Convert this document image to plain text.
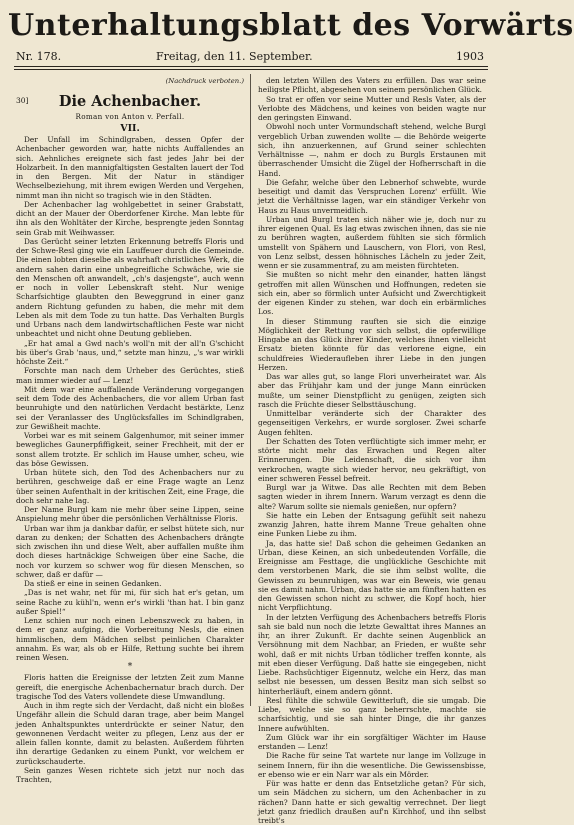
Unterhaltungsblatt des Vorwärts
Nr. 178.	Freitag, den 11. September.	1903
30]
(Nachdruck verboten.)
Die Achenbacher.
Roman von Anton v. Perfall.
VII.

Der Unfall im Schindlgraben, dessen Opfer der Achenbacher geworden war, hatte nichts Auffallendes an sich. Aehnliches ereignete sich fast jedes Jahr bei der Holzarbeit. In den mannigfaltigsten Gestalten lauert der Tod in den Bergen. Mit der Natur in ständiger Wechselbeziehung, mit ihrem ewigen Werden und Vergehen, nimmt man ihn nicht so tragisch wie in den Städten.

Der Achenbacher lag wohlgebettet in seiner Grabstatt, dicht an der Mauer der Oberdorfener Kirche. Man lebte für ihn als den Wohltäter der Kirche, besprengte jeden Sonntag sein Grab mit Weihwasser.

Das Gerücht seiner letzten Erkennung betreffs Floris und der Schwe-Resl ging wie ein Lauffeuer durch die Gemeinde. Die einen lobten dieselbe als wahrhaft christliches Werk, die andern sahen darin eine unbegreifliche Schwäche, wie sie den Menschen oft anwandelt, „ch's dasjengste“, auch wenn er noch in voller Lebenskraft steht. Nur wenige Scharfsichtige glaubten den Beweggrund in einer ganz andern Richtung gefunden zu haben, die mehr mit dem Leben als mit dem Tode zu tun hatte. Das Verhalten Burgls und Urbans nach dem landwirtschaftlichen Feste war nicht unbeachtet und nicht ohne Deutung geblieben.

„Er hat amal a Gwd nach's woll'n mit der all'n G'schicht bis über's Grab 'naus, und,“ setzte man hinzu, „'s war wirkli höchste Zeit.“

Forschte man nach dem Urheber des Gerüchtes, stieß man immer wieder auf — Lenz!

Mit dem war eine auffallende Veränderung vorgegangen seit dem Tode des Achenbachers, die vor allem Urban fast beunruhigte und den natürlichen Verdacht bestärkte, Lenz sei der Veranlasser des Unglücksfalles im Schindlgraben, zur Gewißheit machte.

Vorbei war es mit seinem Galgenhumor, mit seiner immer bewegliches Gaunerpfiffigkeit, seiner Frechheit, mit der er sonst allem trotzte. Er schlich im Hause umher, scheu, wie das böse Gewissen.

Urban hütete sich, den Tod des Achenbachers nur zu berühren, geschweige daß er eine Frage wagte an Lenz über seinen Aufenthalt in der kritischen Zeit, eine Frage, die doch sehr nahe lag.

Der Name Burgl kam nie mehr über seine Lippen, seine Anspielung mehr über die persönlichen Verhältnisse Floris.

Urban war ihm ja dankbar dafür, er selbst hütete sich, nur daran zu denken; der Schatten des Achenbachers drängte sich zwischen ihn und diese Welt, aber auffallen mußte ihm doch dieses hartnäckige Schweigen über eine Sache, die noch vor kurzem so schwer wog für diesen Menschen, so schwer, daß er dafür —

Da stieß er eine in seinen Gedanken.

„Das is net wahr, net für mi, für sich hat er's getan, um seine Rache zu kühl'n, wenn er's wirkli 'than hat. I bin ganz außer Spiel!“

Lenz schien nur noch einen Lebenszweck zu haben, in dem er ganz aufging, die Vorbereitung Nesls, die einen himmlischen, dem Mädchen selbst peinlichen Charakter annahm. Es war, als ob er Hilfe, Rettung suchte bei ihrem reinen Wesen.

*

Floris hatten die Ereignisse der letzten Zeit zum Manne gereift, die energische Achenbachernatur brach durch. Der tragische Tod des Vaters vollendete diese Umwandlung.

Auch in ihm regte sich der Verdacht, daß nicht ein bloßes Ungefähr allein die Schuld daran trage, aber beim Mangel jeden Anhaltspunktes unterdrückte er seiner Natur, den gewonnenen Verdacht weiter zu pflegen, Lenz aus der er allein fallen konnte, damit zu belasten. Außerdem führten ihn derartige Gedanken zu einem Punkt, vor welchem er zurückschauderte.

Sein ganzes Wesen richtete sich jetzt nur noch das Trachten,

den letzten Willen des Vaters zu erfüllen. Das war seine heiligste Pflicht, abgesehen von seinem persönlichen Glück.

So trat er offen vor seine Mutter und Resls Vater, als der Verlobte des Mädchens, und keines von beiden wagte nur den geringsten Einwand.

Obwohl noch unter Vormundschaft stehend, welche Burgl vergeblich Urban zuwenden wollte — die Behörde weigerte sich, ihn anzuerkennen, auf Grund seiner schlechten Verhältnisse —, nahm er doch zu Burgls Erstaunen mit überraschender Umsicht die Zügel der Hofherrschaft in die Hand.

Die Gefahr, welche über den Lebnerhof schwebte, wurde beseitigt und damit das Verspruchen Lorenz' erfüllt. Wie jetzt die Verhältnisse lagen, war ein ständiger Verkehr von Haus zu Haus unvermeidlich.

Urban und Burgl traten sich näher wie je, doch nur zu ihrer eigenen Qual. Es lag etwas zwischen ihnen, das sie nie zu berühren wagten, außerdem fühlten sie sich förmlich umstellt von Spähern und Lauschern, von Flori, von Resl, von Lenz selbst, dessen höhnisches Lächeln zu jeder Zeit, wenn er sie zusammentraf, zu am meisten fürchteten.

Sie mußten so nicht mehr den einander, hatten längst getroffen mit allen Wünschen und Hoffnungen, redeten sie sich ein, aber so förmlich unter Aufsicht und Zwerchtigkeit der eigenen Kinder zu stehen, war doch ein erbärmliches Los.

In dieser Stimmung rauften sie sich die einzige Möglichkeit der Rettung vor sich selbst, die opferwillige Hingabe an das Glück ihrer Kinder, welches ihnen vielleicht Ersatz bieten könnte für das verlorene eigne, ein schuldfreies Wiederaufleben ihrer Liebe in den jungen Herzen.

Das war alles gut, so lange Flori unverheiratet war. Als aber das Frühjahr kam und der junge Mann einrücken mußte, um seiner Dienstpflicht zu genügen, zeigten sich rasch die Früchte dieser Selbsttäuschung.

Unmittelbar veränderte sich der Charakter des gegenseitigen Verkehrs, er wurde sorgloser. Zwei scharfe Augen fehlten.

Der Schatten des Toten verflüchtigte sich immer mehr, er störte nicht mehr das Erwachen und Regen alter Erinnerungen. Die Leidenschaft, die sich vor ihm verkrochen, wagte sich wieder hervor, neu gekräftigt, von einer schweren Fessel befreit.

Burgl war ja Witwe. Das alle Rechten mit dem Beben sagten wieder in ihrem Innern. Warum verzagt es denn die alte? Warum sollte sie niemals genießen, nur opfern?

Sie hatte ein Leben der Entsagung gefühlt seit nahezu zwanzig Jahren, hatte ihrem Manne Treue gehalten ohne eine Funken Liebe zu ihm.

Ja, das hatte sie! Daß schon die geheimen Gedanken an Urban, diese Keinen, an sich unbedeutenden Vorfälle, die Ereignisse am Festtage, die unglückliche Geschichte mit dem verstorbenen Mark, die sie ihm selbst wollte, die Gewissen zu beunruhigen, was war ein Beweis, wie genau sie es damit nahm. Urban, das hatte sie am fünften hatten es den Gewissen schon nicht zu schwer, die Kopf hoch, hier nicht Verpflichtung.

In der letzten Verfügung des Achenbachers betreffs Floris sah sie bald nun noch die letzte Gewalttat ihres Mannes an ihr, an ihrer Zukunft. Er dachte seinen Augenblick an Versöhnung mit dem Nachbar, an Frieden, er wußte sehr wohl, daß er mit nichts Urban tödlicher treffen konnte, als mit eben dieser Verfügung. Daß hatte sie eingegeben, nicht Liebe. Rachsüchtiger Eigennutz, welche ein Herz, das man selbst nie besessen, um dessen Besitz man sich selbst so hinterherläuft, einem andern gönnt.

Resl fühlte die schwüle Gewitterluft, die sie umgab. Die Liebe, welche sie so ganz beherrschte, machte sie scharfsichtig, und sie sah hinter Dinge, die ihr ganzes Innere aufwühlten.

Zum Glück war ihr ein sorgfältiger Wächter im Hause erstanden — Lenz!

Die Rache für seine Tat wartete nur lange im Vollzuge in seinem Innern, für ihn die wesentliche. Die Gewissensbisse, er ebenso wie er ein Narr war als ein Mörder.

Für was hatte er denn das Entsetzliche getan? Für sich, um sein Mädchen zu sichern, um den Achenbacher in zu rächen? Dann hatte er sich gewaltig verrechnet. Der liegt jetzt ganz friedlich draußen auf'n Kirchhof, und ihn selbst treibt's
